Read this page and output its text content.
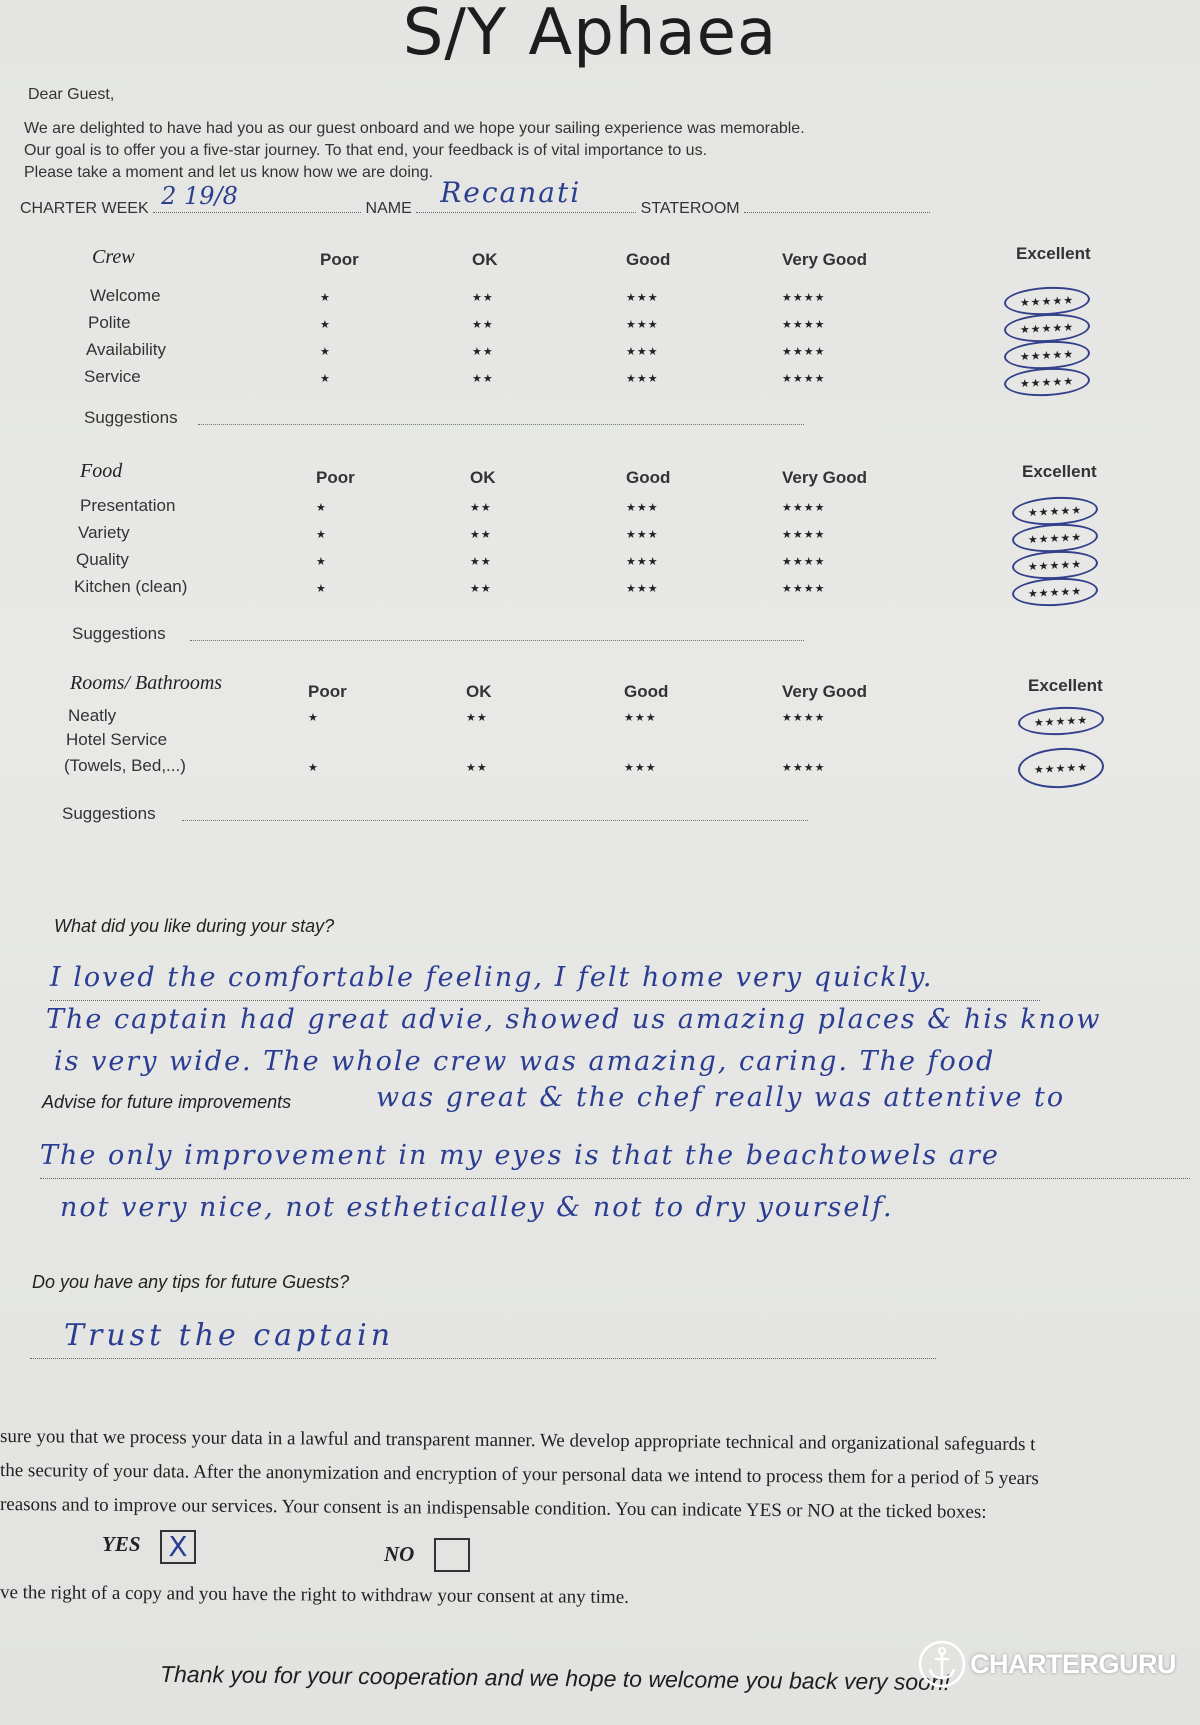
S/Y Aphaea
Dear Guest,
We are delighted to have had you as our guest onboard and we hope your sailing experience was memorable.
Our goal is to offer you a five-star journey. To that end, your feedback is of vital importance to us.
Please take a moment and let us know how we are doing.
CHARTER WEEK 2 19/8	NAME Recanati	STATEROOM
Crew	Poor	OK	Good	Very Good	Excellent
Welcome	★	★★	★★★	★★★★	★★★★★
Polite	★	★★	★★★	★★★★	★★★★★
Availability	★	★★	★★★	★★★★	★★★★★
Service	★	★★	★★★	★★★★	★★★★★
Suggestions
Food	Poor	OK	Good	Very Good	Excellent
Presentation	★	★★	★★★	★★★★	★★★★★
Variety	★	★★	★★★	★★★★	★★★★★
Quality	★	★★	★★★	★★★★	★★★★★
Kitchen (clean)	★	★★	★★★	★★★★	★★★★★
Suggestions
Rooms/ Bathrooms	Poor	OK	Good	Very Good	Excellent
Neatly	★	★★	★★★	★★★★	★★★★★
Hotel Service
(Towels, Bed,...)	★	★★	★★★	★★★★	★★★★★
Suggestions
What did you like during your stay?
I loved the comfortable feeling, I felt home very quickly.
The captain had great advie, showed us amazing places & his know
is very wide. The whole crew was amazing, caring. The food
was great & the chef really was attentive to
Advise for future improvements
The only improvement in my eyes is that the beachtowels are
not very nice, not estheticalley & not to dry yourself.
Do you have any tips for future Guests?
Trust the captain
sure you that we process your data in a lawful and transparent manner. We develop appropriate technical and organizational safeguards t
the security of your data. After the anonymization and encryption of your personal data we intend to process them for a period of 5 years
reasons and to improve our services. Your consent is an indispensable condition. You can indicate YES or NO at the ticked boxes:
YES X	NO
ve the right of a copy and you have the right to withdraw your consent at any time.
Thank you for your cooperation and we hope to welcome you back very soon! CHARTERGURU
